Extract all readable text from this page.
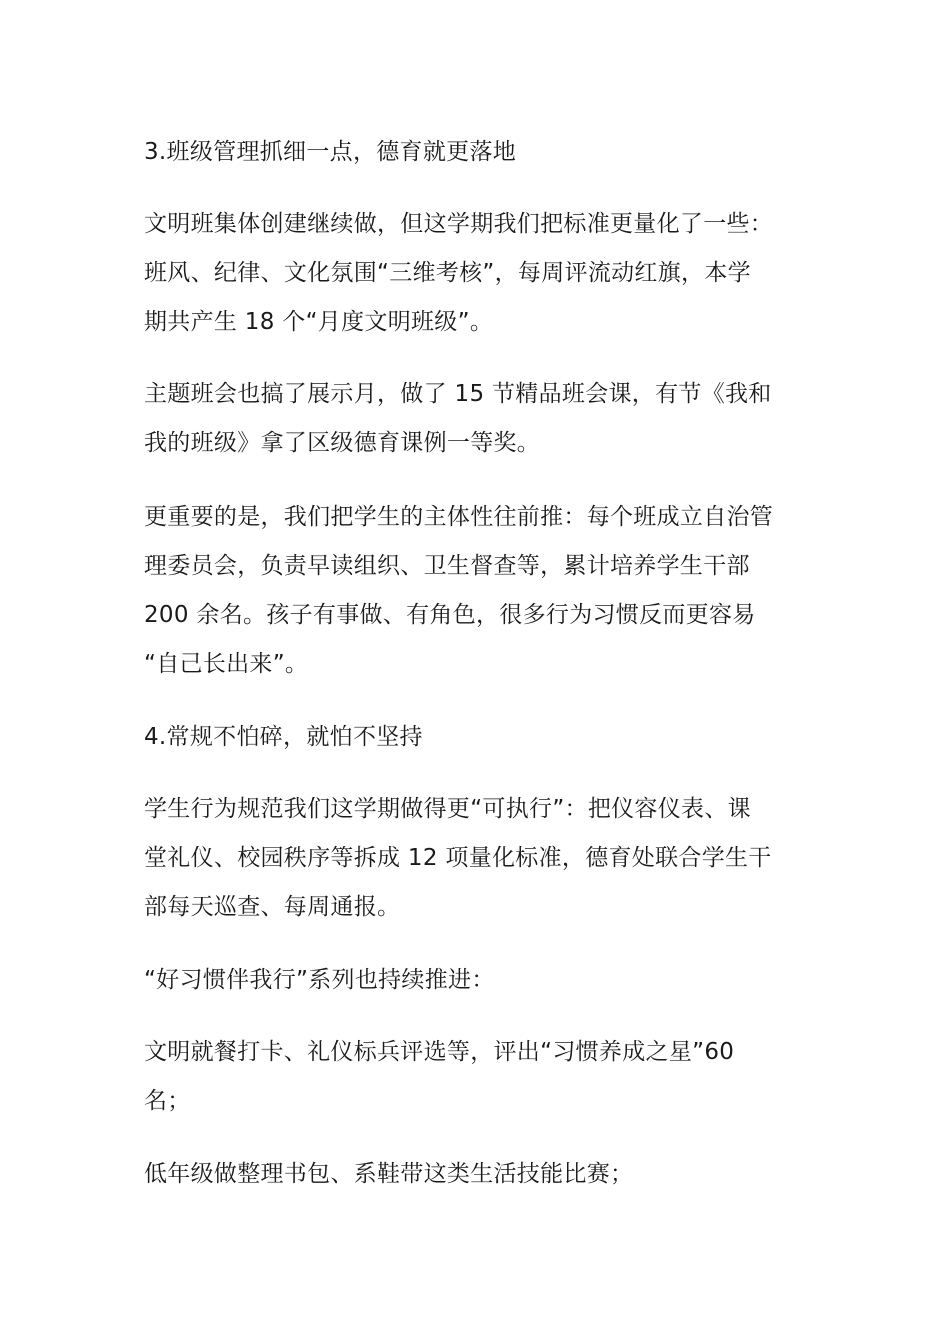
3.班级管理抓细一点，德育就更落地
文明班集体创建继续做，但这学期我们把标准更量化了一些：
班风、纪律、文化氛围“三维考核”，每周评流动红旗，本学
期共产生 18 个“月度文明班级”。
主题班会也搞了展示月，做了 15 节精品班会课，有节《我和
我的班级》拿了区级德育课例一等奖。
更重要的是，我们把学生的主体性往前推：每个班成立自治管
理委员会，负责早读组织、卫生督查等，累计培养学生干部
200 余名。孩子有事做、有角色，很多行为习惯反而更容易
“自己长出来”。
4.常规不怕碎，就怕不坚持
学生行为规范我们这学期做得更“可执行”：把仪容仪表、课
堂礼仪、校园秩序等拆成 12 项量化标准，德育处联合学生干
部每天巡查、每周通报。
“好习惯伴我行”系列也持续推进：
文明就餐打卡、礼仪标兵评选等，评出“习惯养成之星”60
名；
低年级做整理书包、系鞋带这类生活技能比赛；
